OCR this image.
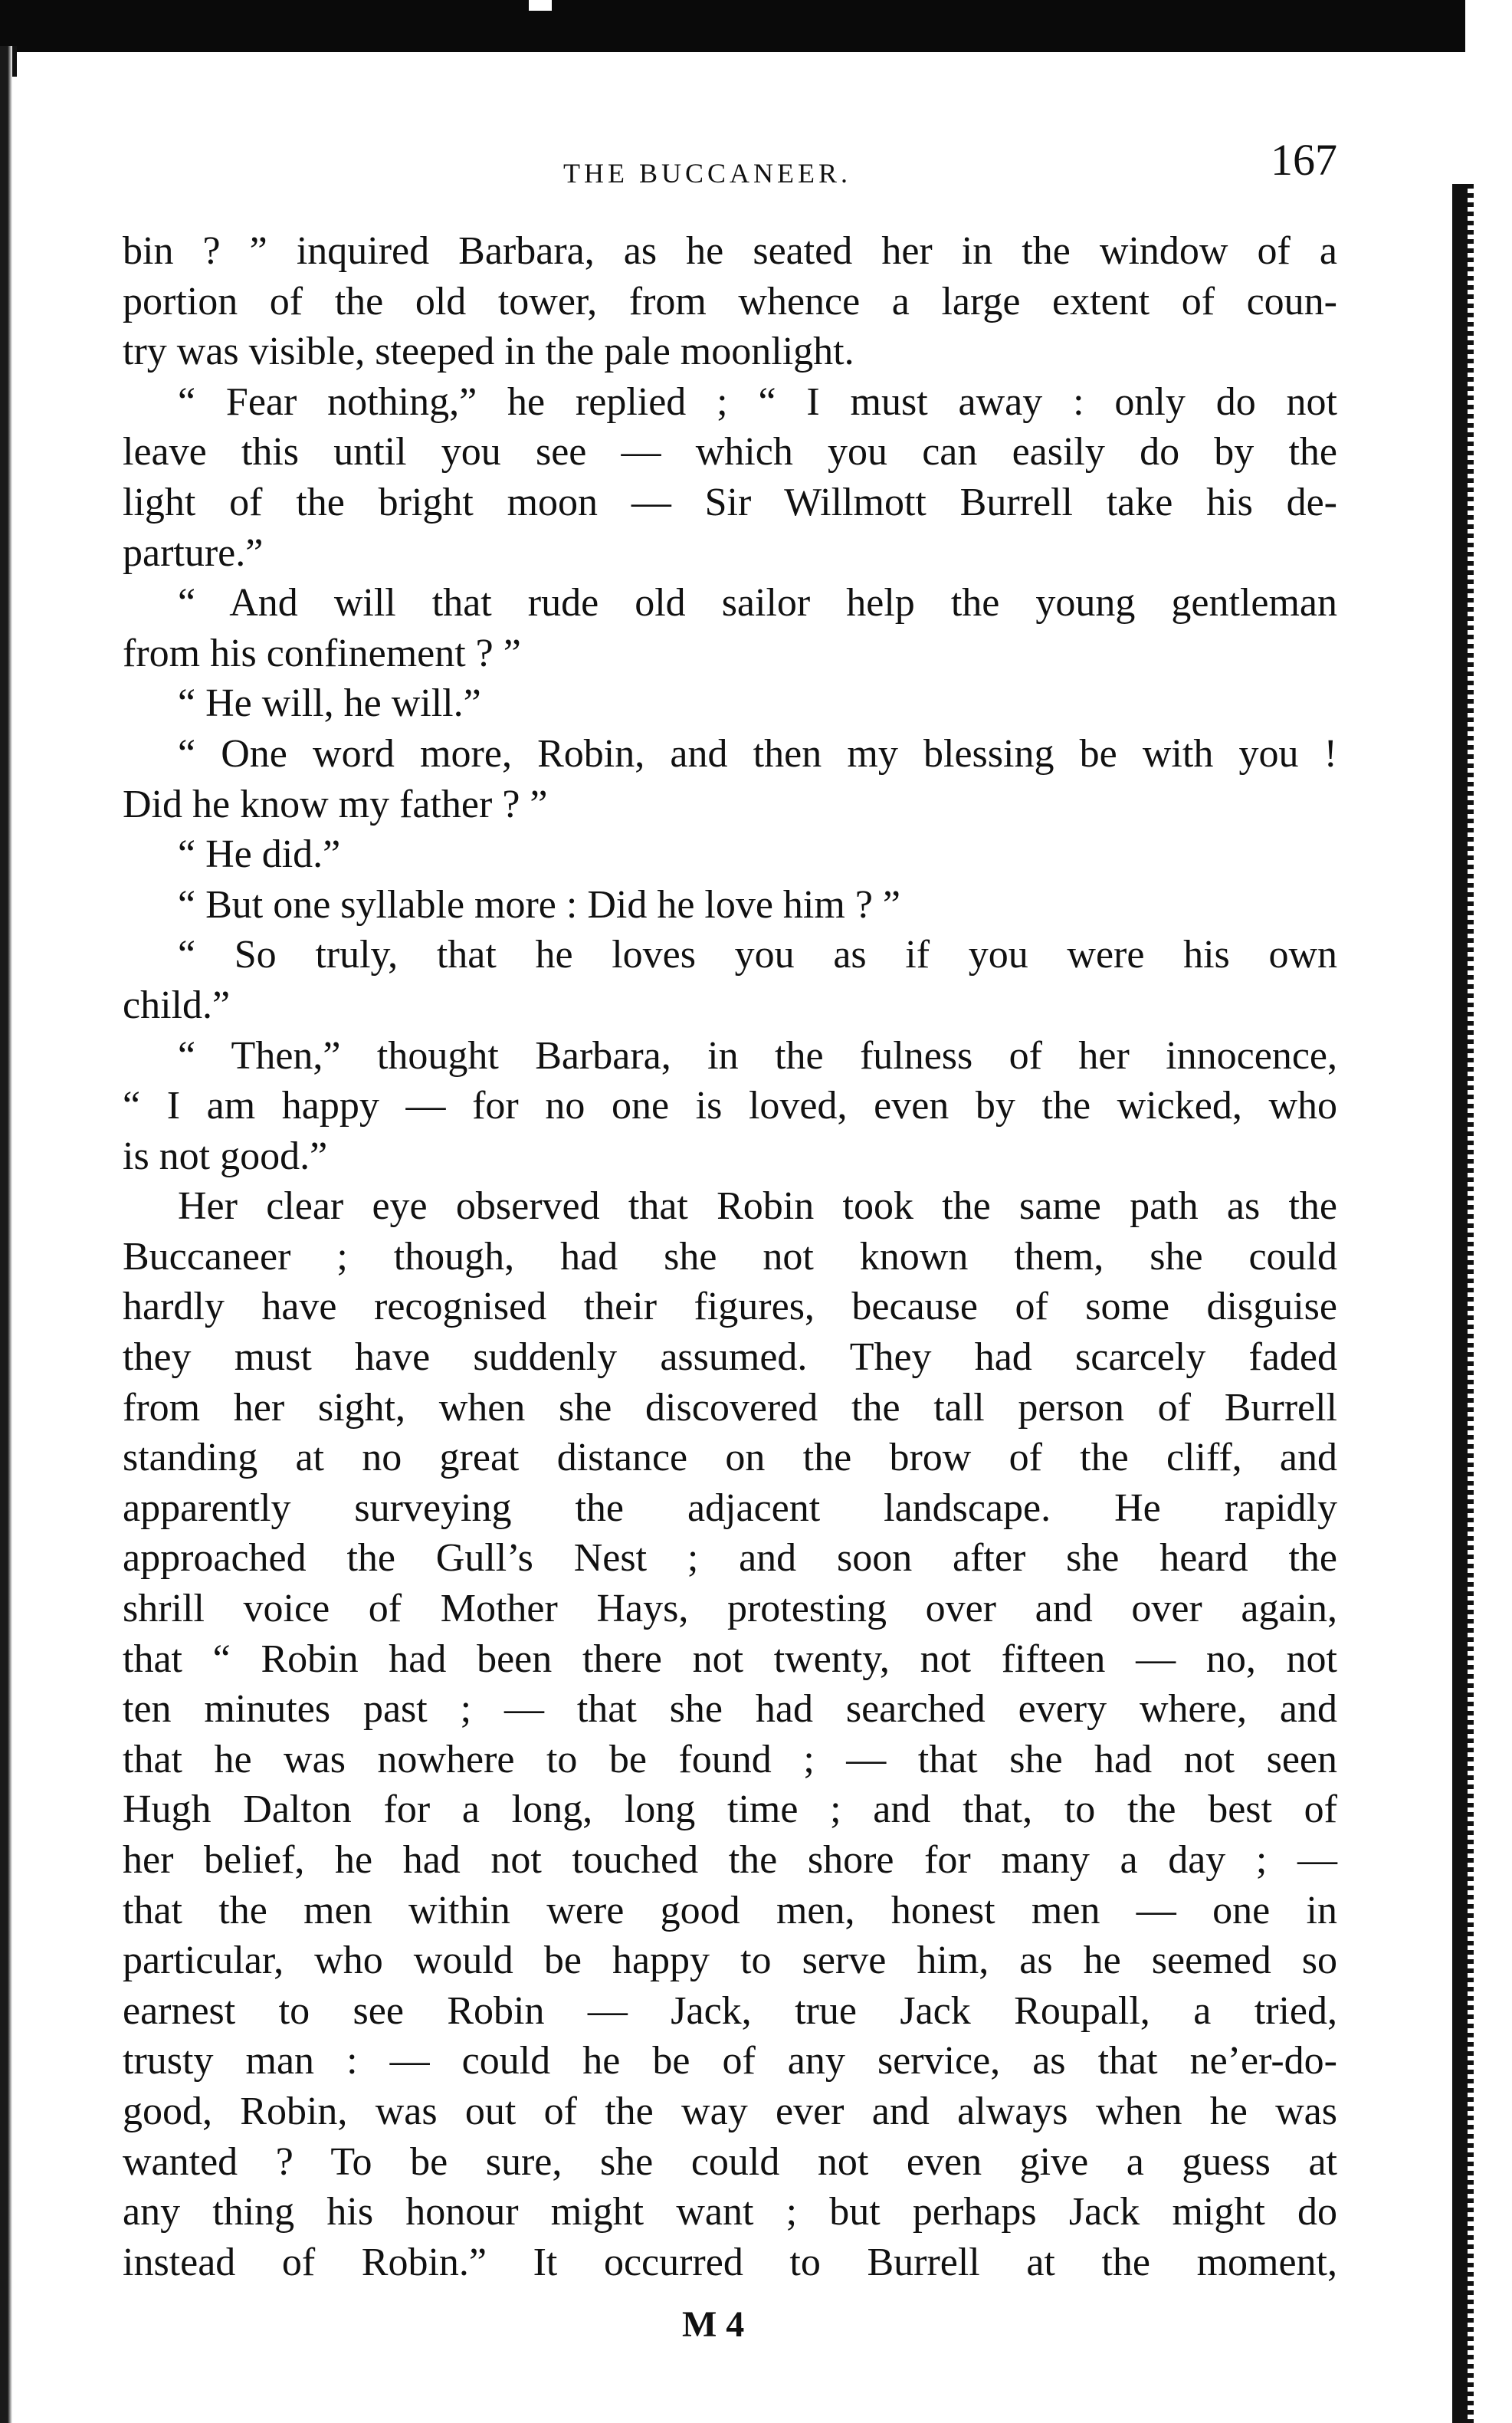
THE BUCCANEER.	167
bin ? ” inquired Barbara, as he seated her in the window of a
portion of the old tower, from whence a large extent of coun-
try was visible, steeped in the pale moonlight.
“ Fear nothing,” he replied ; “ I must away : only do not
leave this until you see — which you can easily do by the
light of the bright moon — Sir Willmott Burrell take his de-
parture.”
“ And will that rude old sailor help the young gentleman
from his confinement ? ”
“ He will, he will.”
“ One word more, Robin, and then my blessing be with you !
Did he know my father ? ”
“ He did.”
“ But one syllable more : Did he love him ? ”
“ So truly, that he loves you as if you were his own
child.”
“ Then,” thought Barbara, in the fulness of her innocence,
“ I am happy — for no one is loved, even by the wicked, who
is not good.”
Her clear eye observed that Robin took the same path as the
Buccaneer ; though, had she not known them, she could
hardly have recognised their figures, because of some disguise
they must have suddenly assumed. They had scarcely faded
from her sight, when she discovered the tall person of Burrell
standing at no great distance on the brow of the cliff, and
apparently surveying the adjacent landscape. He rapidly
approached the Gull’s Nest ; and soon after she heard the
shrill voice of Mother Hays, protesting over and over again,
that “ Robin had been there not twenty, not fifteen — no, not
ten minutes past ; — that she had searched every where, and
that he was nowhere to be found ; — that she had not seen
Hugh Dalton for a long, long time ; and that, to the best of
her belief, he had not touched the shore for many a day ; —
that the men within were good men, honest men — one in
particular, who would be happy to serve him, as he seemed so
earnest to see Robin — Jack, true Jack Roupall, a tried,
trusty man : — could he be of any service, as that ne’er-do-
good, Robin, was out of the way ever and always when he was
wanted ? To be sure, she could not even give a guess at
any thing his honour might want ; but perhaps Jack might do
instead of Robin.” It occurred to Burrell at the moment,
M 4
